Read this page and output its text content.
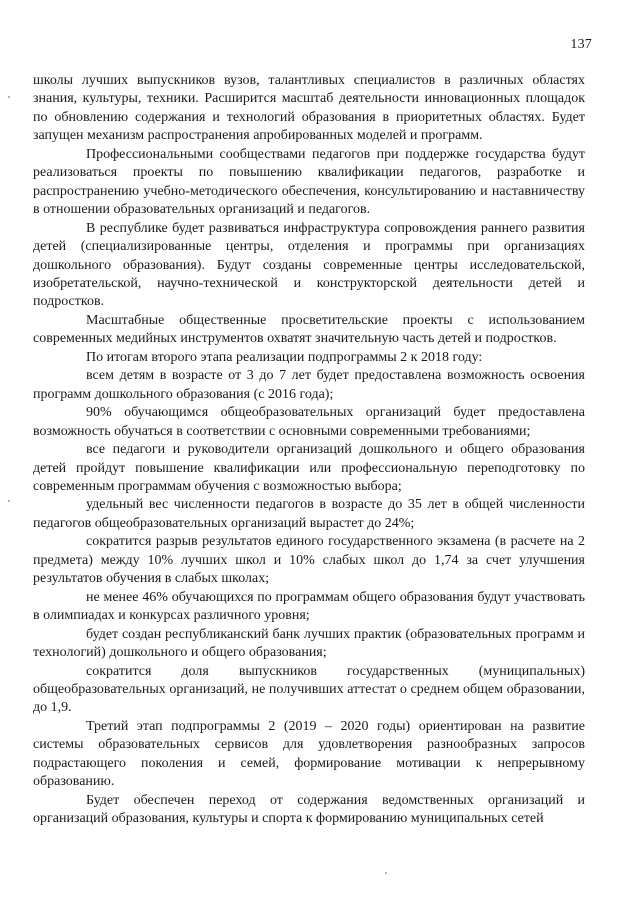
137

школы лучших выпускников вузов, талантливых специалистов в различных областях знания, культуры, техники. Расширится масштаб деятельности инновационных площадок по обновлению содержания и технологий образования в приоритетных областях. Будет запущен механизм распространения апробированных моделей и программ.

Профессиональными сообществами педагогов при поддержке государства будут реализоваться проекты по повышению квалификации педагогов, разработке и распространению учебно-методического обеспечения, консультированию и наставничеству в отношении образовательных организаций и педагогов.

В республике будет развиваться инфраструктура сопровождения раннего развития детей (специализированные центры, отделения и программы при организациях дошкольного образования). Будут созданы современные центры исследовательской, изобретательской, научно-технической и конструкторской деятельности детей и подростков.

Масштабные общественные просветительские проекты с использованием современных медийных инструментов охватят значительную часть детей и подростков.

По итогам второго этапа реализации подпрограммы 2 к 2018 году:

всем детям в возрасте от 3 до 7 лет будет предоставлена возможность освоения программ дошкольного образования (с 2016 года);

90% обучающимся общеобразовательных организаций будет предоставлена возможность обучаться в соответствии с основными современными требованиями;

все педагоги и руководители организаций дошкольного и общего образования детей пройдут повышение квалификации или профессиональную переподготовку по современным программам обучения с возможностью выбора;

удельный вес численности педагогов в возрасте до 35 лет в общей численности педагогов общеобразовательных организаций вырастет до 24%;

сократится разрыв результатов единого государственного экзамена (в расчете на 2 предмета) между 10% лучших школ и 10% слабых школ до 1,74 за счет улучшения результатов обучения в слабых школах;

не менее 46% обучающихся по программам общего образования будут участвовать в олимпиадах и конкурсах различного уровня;

будет создан республиканский банк лучших практик (образовательных программ и технологий) дошкольного и общего образования;

сократится доля выпускников государственных (муниципальных) общеобразовательных организаций, не получивших аттестат о среднем общем образовании, до 1,9.

Третий этап подпрограммы 2 (2019 – 2020 годы) ориентирован на развитие системы образовательных сервисов для удовлетворения разнообразных запросов подрастающего поколения и семей, формирование мотивации к непрерывному образованию.

Будет обеспечен переход от содержания ведомственных организаций и организаций образования, культуры и спорта к формированию муниципальных сетей
